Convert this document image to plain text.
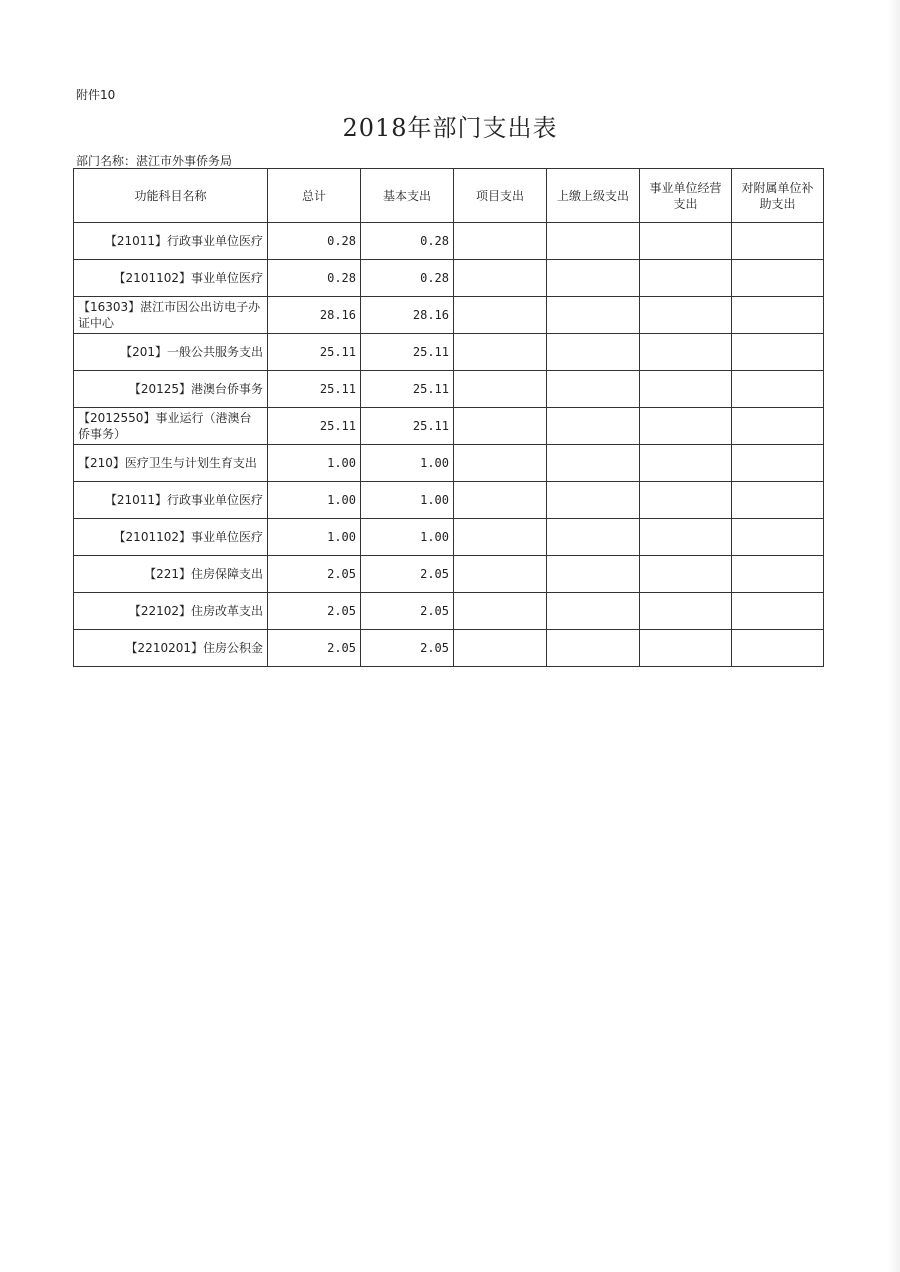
附件10
2018年部门支出表
部门名称：湛江市外事侨务局
功能科目名称	总计	基本支出	项目支出	上缴上级支出	事业单位经营支出	对附属单位补助支出
【21011】行政事业单位医疗	0.28	0.28				
【2101102】事业单位医疗	0.28	0.28				
【16303】湛江市因公出访电子办证中心	28.16	28.16				
【201】一般公共服务支出	25.11	25.11				
【20125】港澳台侨事务	25.11	25.11				
【2012550】事业运行（港澳台侨事务）	25.11	25.11				
【210】医疗卫生与计划生育支出	1.00	1.00				
【21011】行政事业单位医疗	1.00	1.00				
【2101102】事业单位医疗	1.00	1.00				
【221】住房保障支出	2.05	2.05				
【22102】住房改革支出	2.05	2.05				
【2210201】住房公积金	2.05	2.05				
